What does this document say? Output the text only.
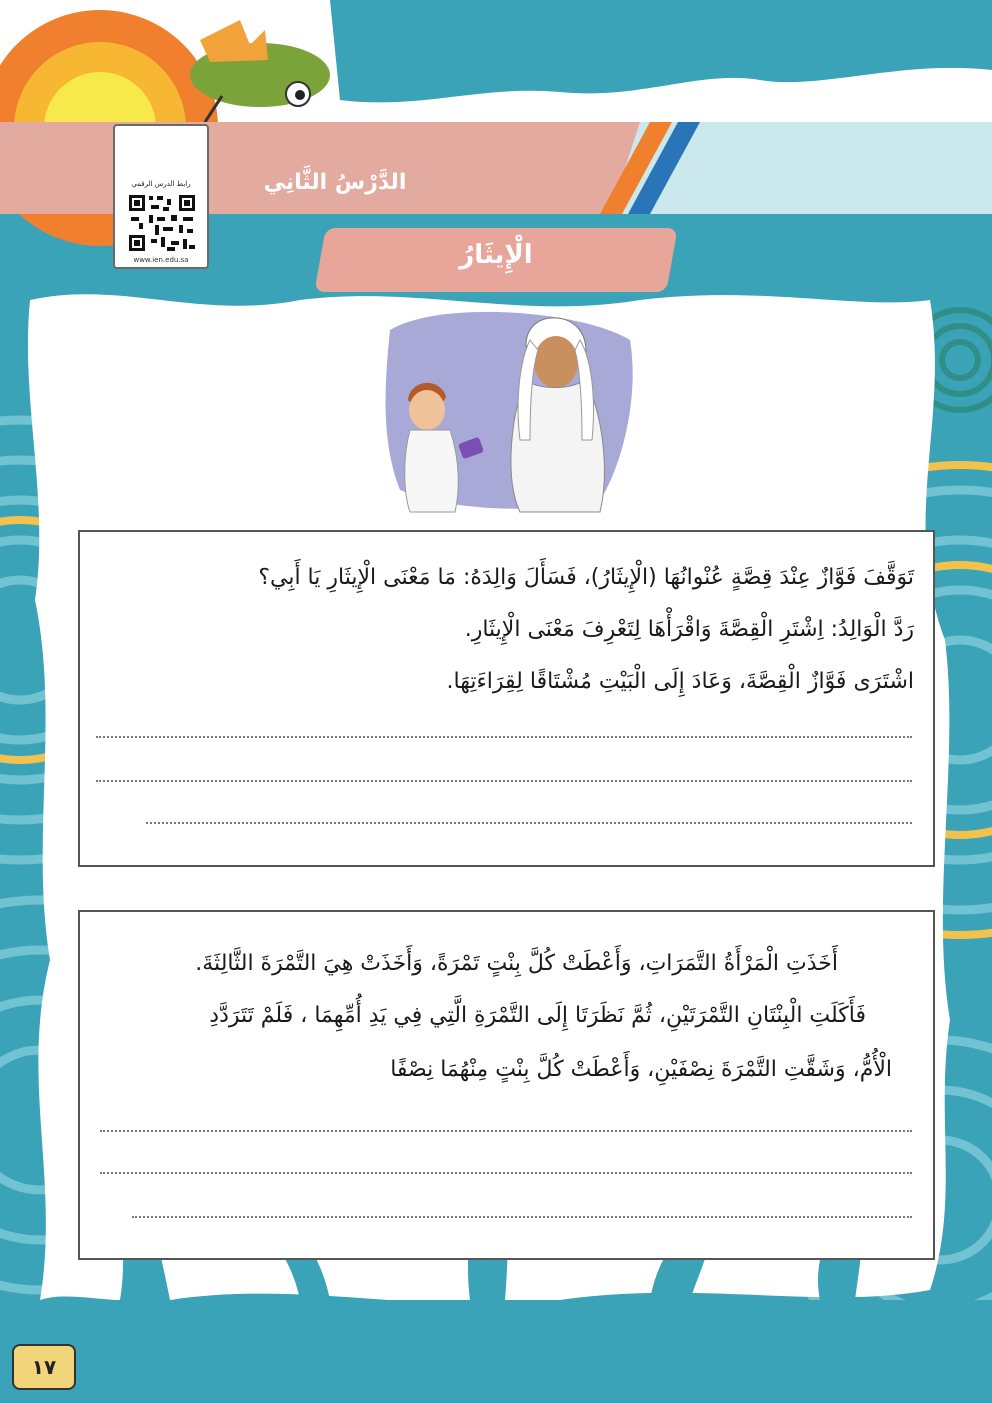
رابط الدرس الرقمي
www.ien.edu.sa
الدَّرْسُ الثَّانِي
الْإِيثَارُ
تَوَقَّفَ فَوَّازٌ عِنْدَ قِصَّةٍ عُنْوانُهَا (الْإِيثَارُ)، فَسَأَلَ وَالِدَهُ: مَا مَعْنَى الْإِيثَارِ يَا أَبِي؟
رَدَّ الْوَالِدُ: اِشْتَرِ الْقِصَّةَ وَاقْرَأْهَا لِتَعْرِفَ مَعْنَى الْإِيثَارِ.
اشْتَرَى فَوَّازٌ الْقِصَّةَ، وَعَادَ إِلَى الْبَيْتِ مُشْتَاقًا لِقِرَاءَتِهَا.
أَخَذَتِ الْمَرْأَةُ التَّمَرَاتِ، وَأَعْطَتْ كُلَّ بِنْتٍ تَمْرَةً، وَأَخَذَتْ هِيَ التَّمْرَةَ الثَّالِثَةَ.
فَأَكَلَتِ الْبِنْتَانِ التَّمْرَتَيْنِ، ثُمَّ نَظَرَتَا إِلَى التَّمْرَةِ الَّتِي فِي يَدِ أُمِّهِمَا ، فَلَمْ تَتَرَدَّدِ
الْأُمُّ، وَشَقَّتِ التَّمْرَةَ نِصْفَيْنِ، وَأَعْطَتْ كُلَّ بِنْتٍ مِنْهُمَا نِصْفًا
١٧
